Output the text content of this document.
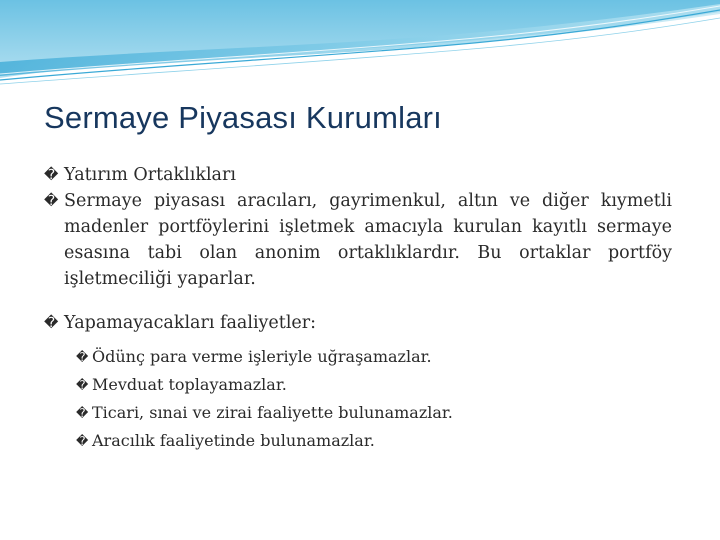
Sermaye Piyasası Kurumları

� Yatırım Ortaklıkları

� Sermaye piyasası aracıları, gayrimenkul, altın ve diğer kıymetli madenler portföylerini işletmek amacıyla kurulan kayıtlı sermaye esasına tabi olan anonim ortaklıklardır. Bu ortaklar portföy işletmeciliği yaparlar.

� Yapamayacakları faaliyetler:

� Ödünç para verme işleriyle uğraşamazlar.

� Mevduat toplayamazlar.

� Ticari, sınai ve zirai faaliyette bulunamazlar.

� Aracılık faaliyetinde bulunamazlar.
